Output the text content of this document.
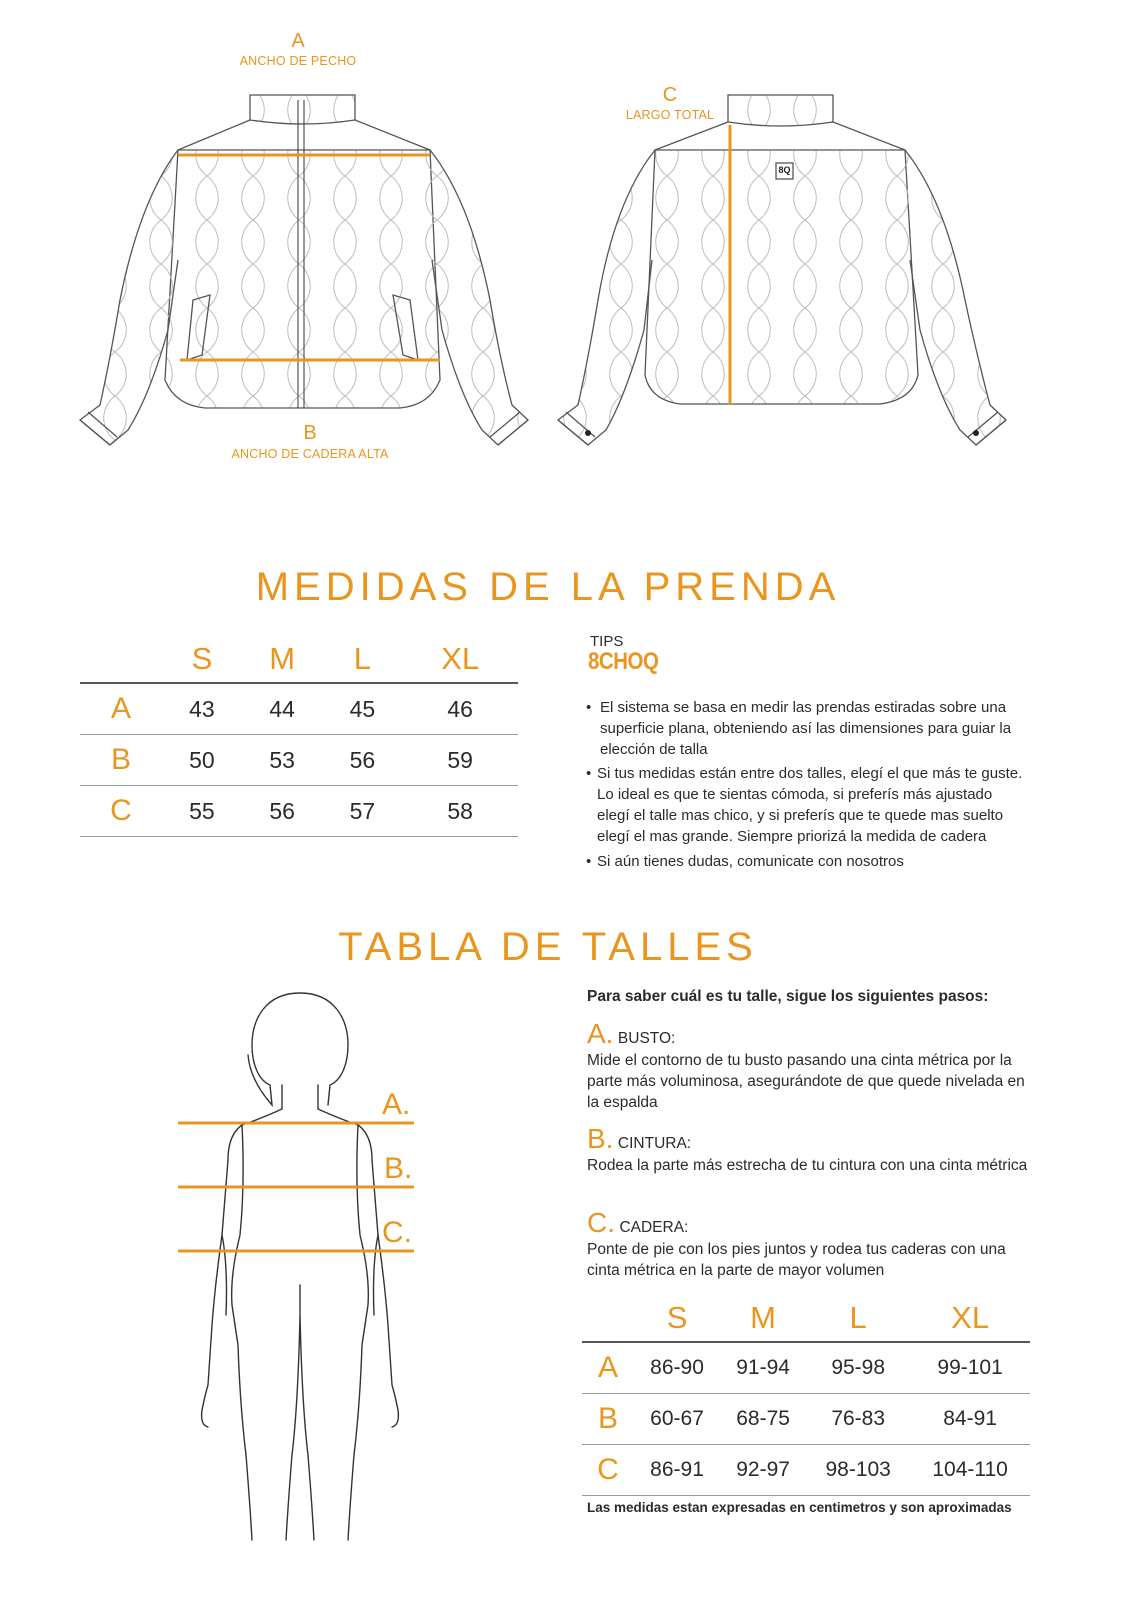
A
ANCHO DE PECHO
C
LARGO TOTAL
B
ANCHO DE CADERA ALTA
8Q
MEDIDAS DE LA PRENDA
	S	M	L	XL
A	43	44	45	46
B	50	53	56	59
C	55	56	57	58
TIPS
8CHOQ
• El sistema se basa en medir las prendas estiradas sobre una superficie plana, obteniendo así las dimensiones para guiar la elección de talla
• Si tus medidas están entre dos talles, elegí el que más te guste. Lo ideal es que te sientas cómoda, si preferís más ajustado elegí el talle mas chico, y si preferís que te quede mas suelto elegí el mas grande. Siempre priorizá la medida de cadera
• Si aún tienes dudas, comunicate con nosotros
TABLA DE TALLES
A.
B.
C.
Para saber cuál es tu talle, sigue los siguientes pasos:
A. BUSTO:
Mide el contorno de tu busto pasando una cinta métrica por la parte más voluminosa, asegurándote de que quede nivelada en la espalda
B. CINTURA:
Rodea la parte más estrecha de tu cintura con una cinta métrica
C. CADERA:
Ponte de pie con los pies juntos y rodea tus caderas con una cinta métrica en la parte de mayor volumen
	S	M	L	XL
A	86-90	91-94	95-98	99-101
B	60-67	68-75	76-83	84-91
C	86-91	92-97	98-103	104-110
Las medidas estan expresadas en centimetros y son aproximadas
